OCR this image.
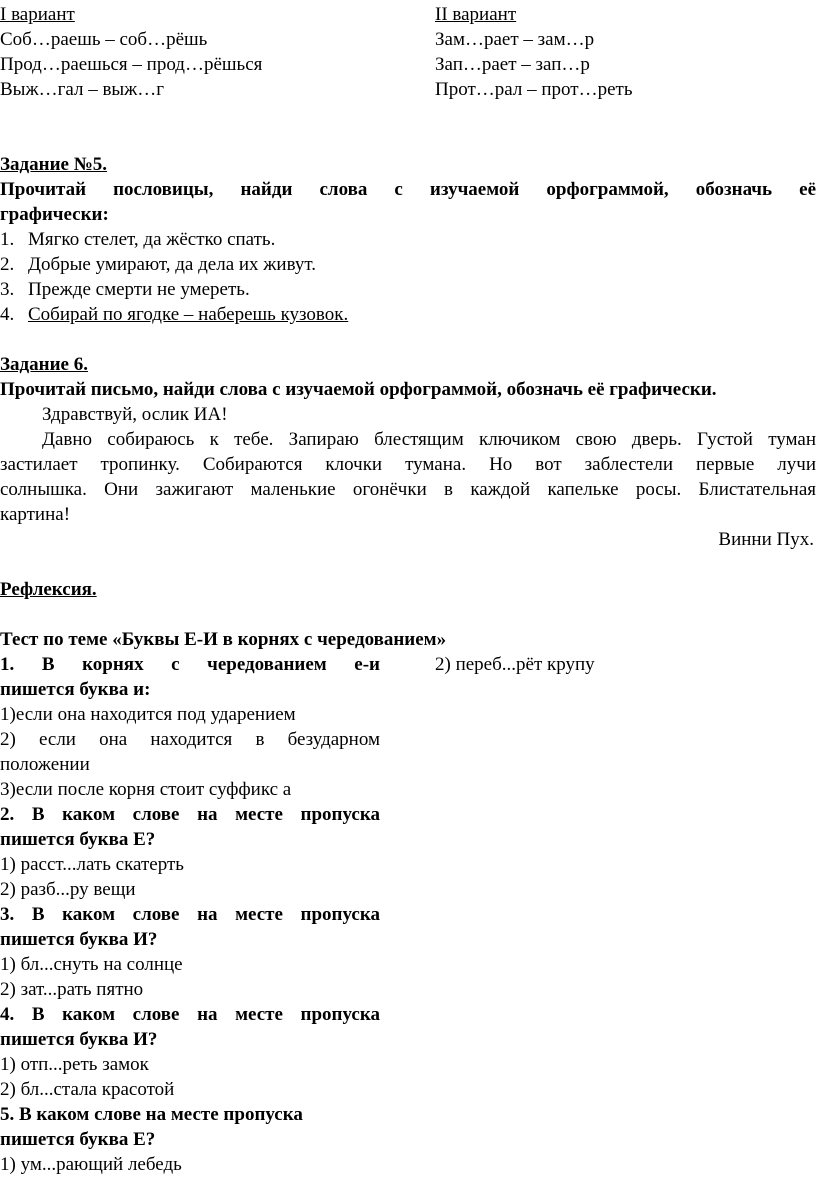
I вариант
Соб…раешь – соб…рёшь
Прод…раешься – прод…рёшься
Выж…гал – выж…г
II вариант
Зам…рает – зам…р
Зап…рает – зап…р
Прот…рал – прот…реть
Задание №5.
Прочитай пословицы, найди слова с изучаемой орфограммой, обозначь её
графически:
1. Мягко стелет, да жёстко спать.
2. Добрые умирают, да дела их живут.
3. Прежде смерти не умереть.
4. Собирай по ягодке – наберешь кузовок.
Задание 6.
Прочитай письмо, найди слова с изучаемой орфограммой, обозначь её графически.
Здравствуй, ослик ИА!
Давно собираюсь к тебе. Запираю блестящим ключиком свою дверь. Густой туман
застилает тропинку. Собираются клочки тумана. Но вот заблестели первые лучи
солнышка. Они зажигают маленькие огонёчки в каждой капельке росы. Блистательная
картина!
Винни Пух.
Рефлексия.
Тест по теме «Буквы Е-И в корнях с чередованием»
1. В корнях с чередованием е-и	2) переб...рёт крупу
пишется буква и:
1)если она находится под ударением
2) если она находится в безударном
положении
3)если после корня стоит суффикс а
2. В каком слове на месте пропуска
пишется буква Е?
1) расст...лать скатерть
2) разб...ру вещи
3. В каком слове на месте пропуска
пишется буква И?
1) бл...снуть на солнце
2) зат...рать пятно
4. В каком слове на месте пропуска
пишется буква И?
1) отп...реть замок
2) бл...стала красотой
5. В каком слове на месте пропуска
пишется буква Е?
1) ум...рающий лебедь
